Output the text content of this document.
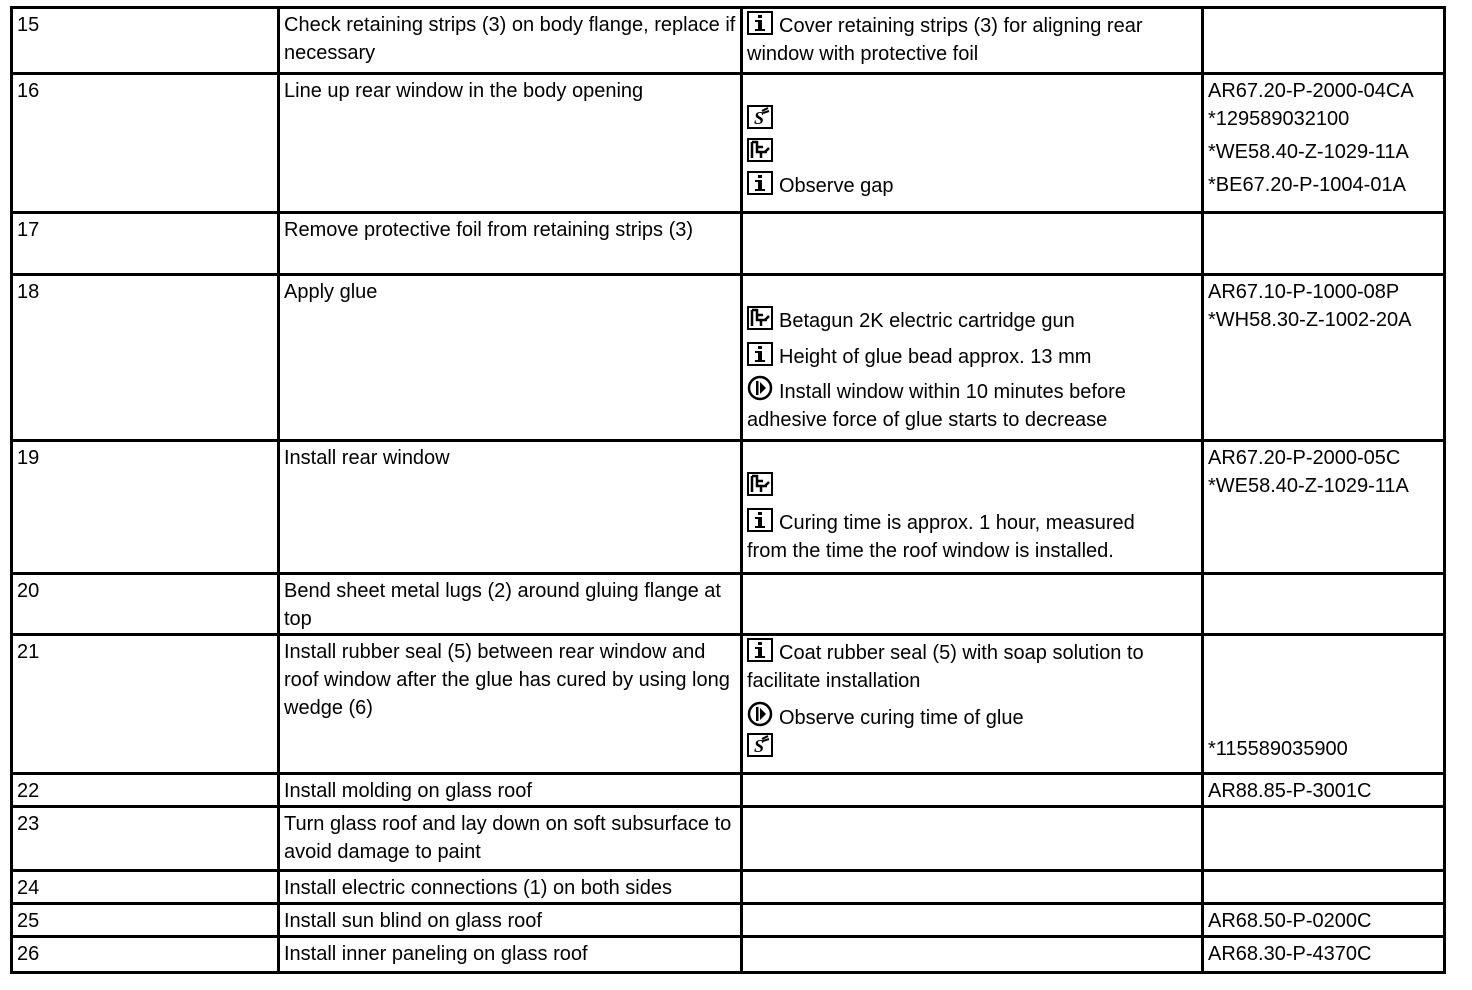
15	Check retaining strips (3) on body flange, replace if necessary	Cover retaining strips (3) for aligning rear
window with protective foil	

16	Line up rear window in the body opening	Observe gap	AR67.20-P-2000-04CA
*129589032100
*WE58.40-Z-1029-11A
*BE67.20-P-1004-01A

17	Remove protective foil from retaining strips (3)		
18	Apply glue	Betagun 2K electric cartridge gun
Height of glue bead approx. 13 mm
Install window within 10 minutes before
adhesive force of glue starts to decrease	AR67.10-P-1000-08P
*WH58.30-Z-1002-20A

19	Install rear window	Curing time is approx. 1 hour, measured
from the time the roof window is installed.	AR67.20-P-2000-05C
*WE58.40-Z-1029-11A

20	Bend sheet metal lugs (2) around gluing flange at top		
21	Install rubber seal (5) between rear window and roof window after the glue has cured by using long wedge (6)	Coat rubber seal (5) with soap solution to
facilitate installation
Observe curing time of glue	*115589035900

22	Install molding on glass roof		AR88.85-P-3001C

23	Turn glass roof and lay down on soft subsurface to avoid damage to paint		
24	Install electric connections (1) on both sides		
25	Install sun blind on glass roof		AR68.50-P-0200C

26	Install inner paneling on glass roof		AR68.30-P-4370C
